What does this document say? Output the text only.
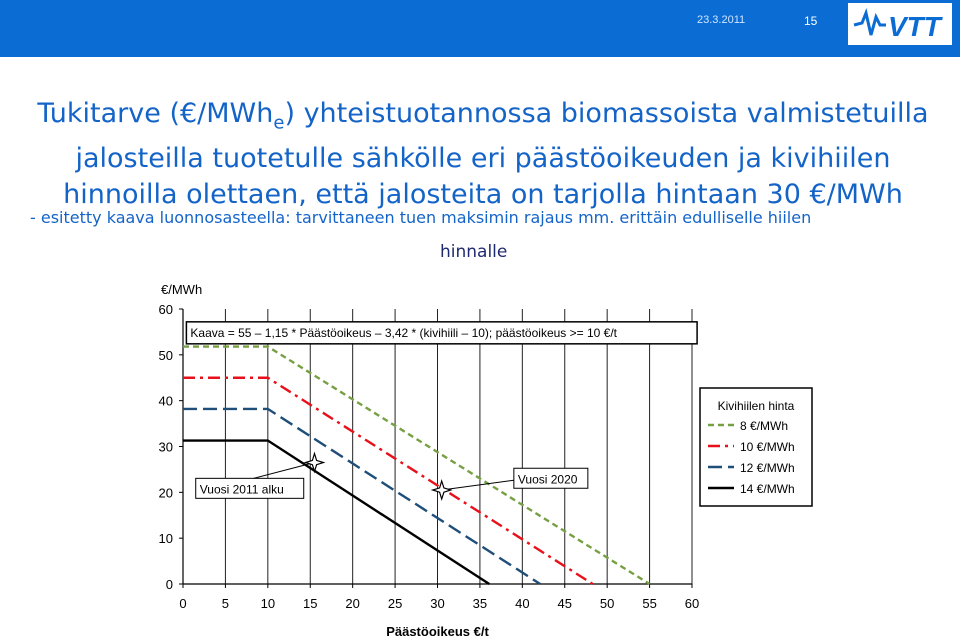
23.3.2011	15	VTT
Tukitarve (€/MWh$_e$) yhteistuotannossa biomassoista valmistetuilla
jalosteilla tuotetulle sähkölle eri päästöoikeuden ja kivihiilen
hinnoilla olettaen, että jalosteita on tarjolla hintaan 30 €/MWh
- esitetty kaava luonnosasteella: tarvittaneen tuen maksimin rajaus mm. erittäin edulliselle hiilen
hinnalle
0
10
20
30
40
50
60
0	5 10 15 20 25 30 35 40 45 50 55 60
€/MWh
Päästöoikeus €/t
Kaava = 55 – 1,15 * Päästöoikeus – 3,42 * (kivihiili – 10); päästöoikeus >= 10 €/t
Vuosi 2011 alku
Vuosi 2020
Kivihiilen hinta
8 €/MWh
10 €/MWh
12 €/MWh
14 €/MWh
